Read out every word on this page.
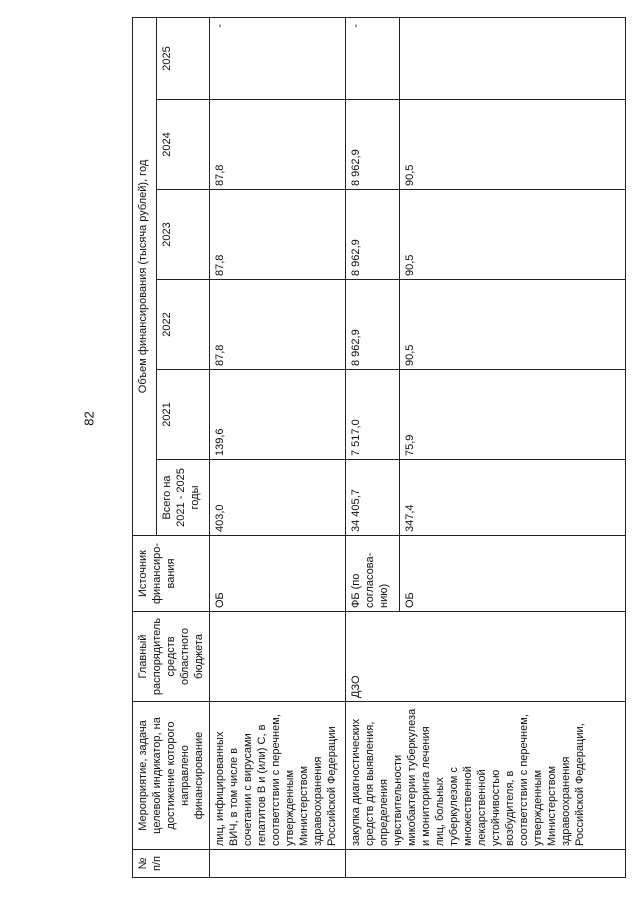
82
№ п/п	Мероприятие, задача целевой индикатор, на достижение которого направлено финансирование	Главный распорядитель средств областного бюджета	Источник финансиро-вания	Объем финансирования (тысяча рублей), год					
				Всего на 2021 - 2025 годы	2021	2022	2023	2024	2025
	лиц, инфицированных ВИЧ, в том числе в сочетании с вирусами гепатитов В и (или) С, в соответствии с перечнем, утвержденным Министерством здравоохранения Российской Федерации		ОБ	403,0	139,6	87,8	87,8	87,8	-
	закупка диагностических средств для выявления, определения чувствительности микобактерии туберкулеза и мониторинга лечения лиц, больных туберкулезом с множественной лекарственной устойчивостью возбудителя, в соответствии с перечнем, утвержденным Министерством здравоохранения Российской Федерации,	ДЗО	ФБ (по согласова-нию)	34 405,7	7 517,0	8 962,9	8 962,9	8 962,9	-
			ОБ	347,4	75,9	90,5	90,5	90,5	
